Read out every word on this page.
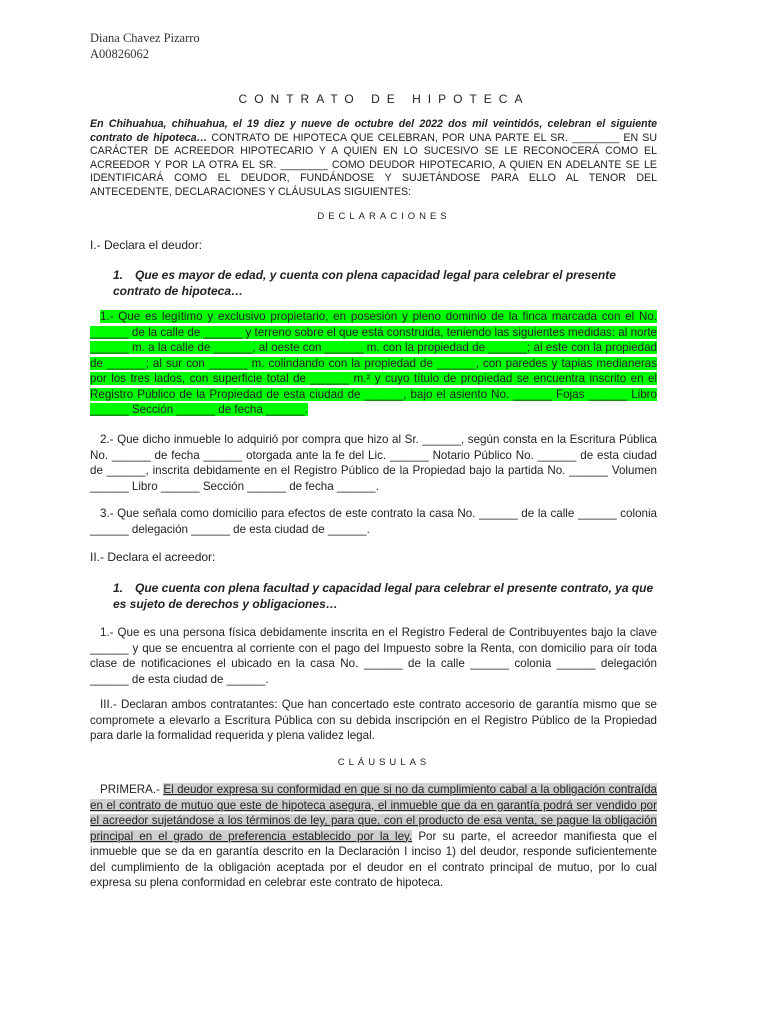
Diana Chavez Pizarro
A00826062
CONTRATO DE HIPOTECA
En Chihuahua, chihuahua, el 19 diez y nueve de octubre del 2022 dos mil veintidós, celebran el siguiente contrato de hipoteca… CONTRATO DE HIPOTECA QUE CELEBRAN, POR UNA PARTE EL SR. ________ EN SU CARÁCTER DE ACREEDOR HIPOTECARIO Y A QUIEN EN LO SUCESIVO SE LE RECONOCERÁ COMO EL ACREEDOR Y POR LA OTRA EL SR. ________ COMO DEUDOR HIPOTECARIO, A QUIEN EN ADELANTE SE LE IDENTIFICARÁ COMO EL DEUDOR, FUNDÁNDOSE Y SUJETÁNDOSE PARA ELLO AL TENOR DEL ANTECEDENTE, DECLARACIONES Y CLÁUSULAS SIGUIENTES:
DECLARACIONES
I.- Declara el deudor:
1. Que es mayor de edad, y cuenta con plena capacidad legal para celebrar el presente contrato de hipoteca…
1.- Que es legítimo y exclusivo propietario, en posesión y pleno dominio de la finca marcada con el No. ______ de la calle de ______ y terreno sobre el que está construida, teniendo las siguientes medidas: al norte ______ m. a la calle de ______, al oeste con ______ m. con la propiedad de ______; al este con la propiedad de ______; al sur con ______ m. colindando con la propiedad de ______, con paredes y tapias medianeras por los tres lados, con superficie total de ______ m.² y cuyo título de propiedad se encuentra inscrito en el Registro Público de la Propiedad de esta ciudad de ______, bajo el asiento No. ______ Fojas ______ Libro ______ Sección ______ de fecha ______.
2.- Que dicho inmueble lo adquirió por compra que hizo al Sr. ______, según consta en la Escritura Pública No. ______ de fecha ______ otorgada ante la fe del Lic. ______ Notario Público No. ______ de esta ciudad de ______, inscrita debidamente en el Registro Público de la Propiedad bajo la partida No. ______ Volumen ______ Libro ______ Sección ______ de fecha ______.
3.- Que señala como domicilio para efectos de este contrato la casa No. ______ de la calle ______ colonia ______ delegación ______ de esta ciudad de ______.
II.- Declara el acreedor:
1. Que cuenta con plena facultad y capacidad legal para celebrar el presente contrato, ya que es sujeto de derechos y obligaciones…
1.- Que es una persona física debidamente inscrita en el Registro Federal de Contribuyentes bajo la clave ______ y que se encuentra al corriente con el pago del Impuesto sobre la Renta, con domicilio para oír toda clase de notificaciones el ubicado en la casa No. ______ de la calle ______ colonia ______ delegación ______ de esta ciudad de ______.
III.- Declaran ambos contratantes: Que han concertado este contrato accesorio de garantía mismo que se compromete a elevarlo a Escritura Pública con su debida inscripción en el Registro Público de la Propiedad para darle la formalidad requerida y plena validez legal.
CLÁUSULAS
PRIMERA.- El deudor expresa su conformidad en que si no da cumplimiento cabal a la obligación contraída en el contrato de mutuo que este de hipoteca asegura, el inmueble que da en garantía podrá ser vendido por el acreedor sujetándose a los términos de ley, para que, con el producto de esa venta, se pague la obligación principal en el grado de preferencia establecido por la ley. Por su parte, el acreedor manifiesta que el inmueble que se da en garantía descrito en la Declaración I inciso 1) del deudor, responde suficientemente del cumplimiento de la obligación aceptada por el deudor en el contrato principal de mutuo, por lo cual expresa su plena conformidad en celebrar este contrato de hipoteca.
